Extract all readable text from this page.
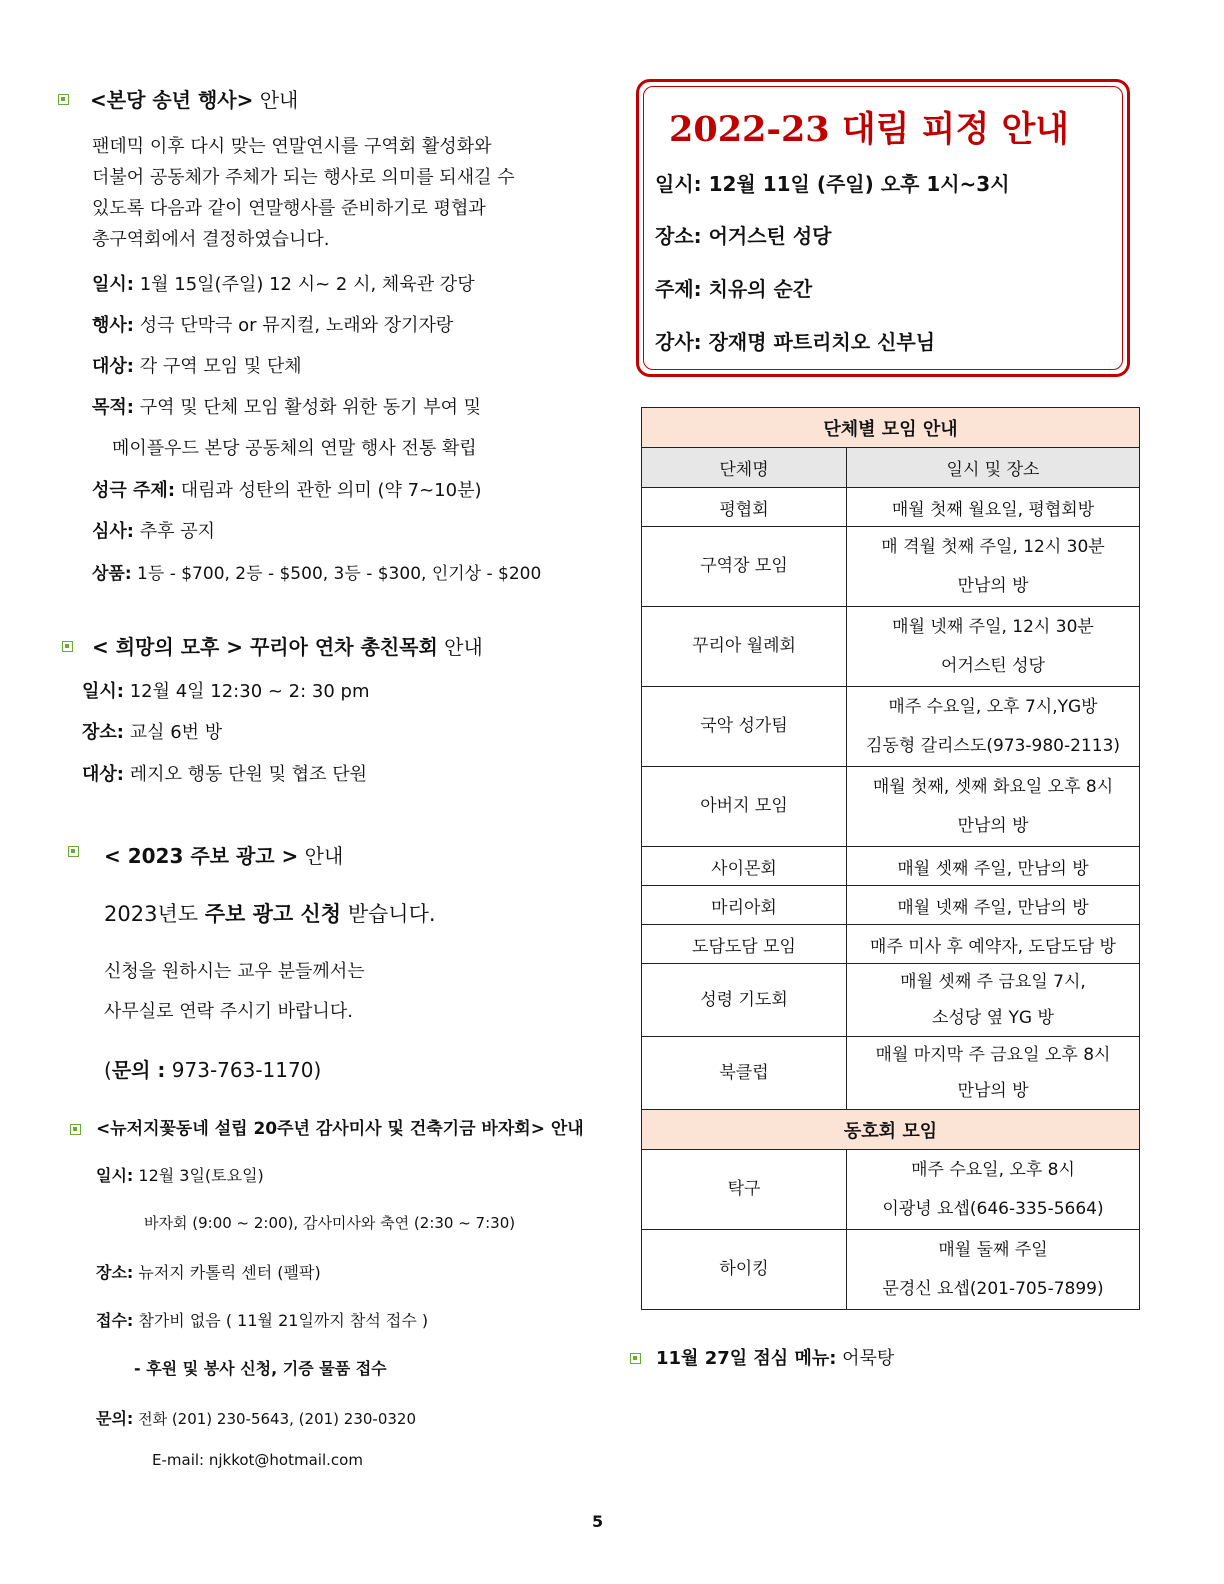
<본당 송년 행사> 안내
팬데믹 이후 다시 맞는 연말연시를 구역회 활성화와
더불어 공동체가 주체가 되는 행사로 의미를 되새길 수
있도록 다음과 같이 연말행사를 준비하기로 평협과
총구역회에서 결정하였습니다.
일시: 1월 15일(주일) 12 시~ 2 시, 체육관 강당
행사: 성극 단막극 or 뮤지컬, 노래와 장기자랑
대상: 각 구역 모임 및 단체
목적: 구역 및 단체 모임 활성화 위한 동기 부여 및
메이플우드 본당 공동체의 연말 행사 전통 확립
성극 주제: 대림과 성탄의 관한 의미 (약 7~10분)
심사: 추후 공지
상품: 1등 - $700, 2등 - $500, 3등 - $300, 인기상 - $200
< 희망의 모후 > 꾸리아 연차 총친목회 안내
일시: 12월 4일 12:30 ~ 2: 30 pm
장소: 교실 6번 방
대상: 레지오 행동 단원 및 협조 단원
< 2023 주보 광고 > 안내
2023년도 주보 광고 신청 받습니다.
신청을 원하시는 교우 분들께서는
사무실로 연락 주시기 바랍니다.
(문의 : 973-763-1170)
<뉴저지꽃동네 설립 20주년 감사미사 및 건축기금 바자회> 안내
일시: 12월 3일(토요일)
바자회 (9:00 ~ 2:00), 감사미사와 축연 (2:30 ~ 7:30)
장소: 뉴저지 카톨릭 센터 (펠팍)
접수: 참가비 없음 ( 11월 21일까지 참석 접수 )
- 후원 및 봉사 신청, 기증 물품 접수
문의: 전화 (201) 230-5643, (201) 230-0320
E-mail: njkkot@hotmail.com
2022-23 대림 피정 안내
일시: 12월 11일 (주일) 오후 1시~3시
장소: 어거스틴 성당
주제: 치유의 순간
강사: 장재명 파트리치오 신부님
단체별 모임 안내	
단체명	일시 및 장소
평협회	매월 첫째 월요일, 평협회방
구역장 모임	매 격월 첫째 주일, 12시 30분
만남의 방

꾸리아 월례회	매월 넷째 주일, 12시 30분
어거스틴 성당

국악 성가팀	매주 수요일, 오후 7시,YG방
김동형 갈리스도(973-980-2113)

아버지 모임	매월 첫째, 셋째 화요일 오후 8시
만남의 방

사이몬회	매월 셋째 주일, 만남의 방
마리아회	매월 넷째 주일, 만남의 방
도담도담 모임	매주 미사 후 예약자, 도담도담 방
성령 기도회	매월 셋째 주 금요일 7시,
소성당 옆 YG 방

북클럽	매월 마지막 주 금요일 오후 8시
만남의 방

동호회 모임	
탁구	매주 수요일, 오후 8시
이광녕 요셉(646-335-5664)

하이킹	매월 둘째 주일
문경신 요셉(201-705-7899)
11월 27일 점심 메뉴: 어묵탕
5
